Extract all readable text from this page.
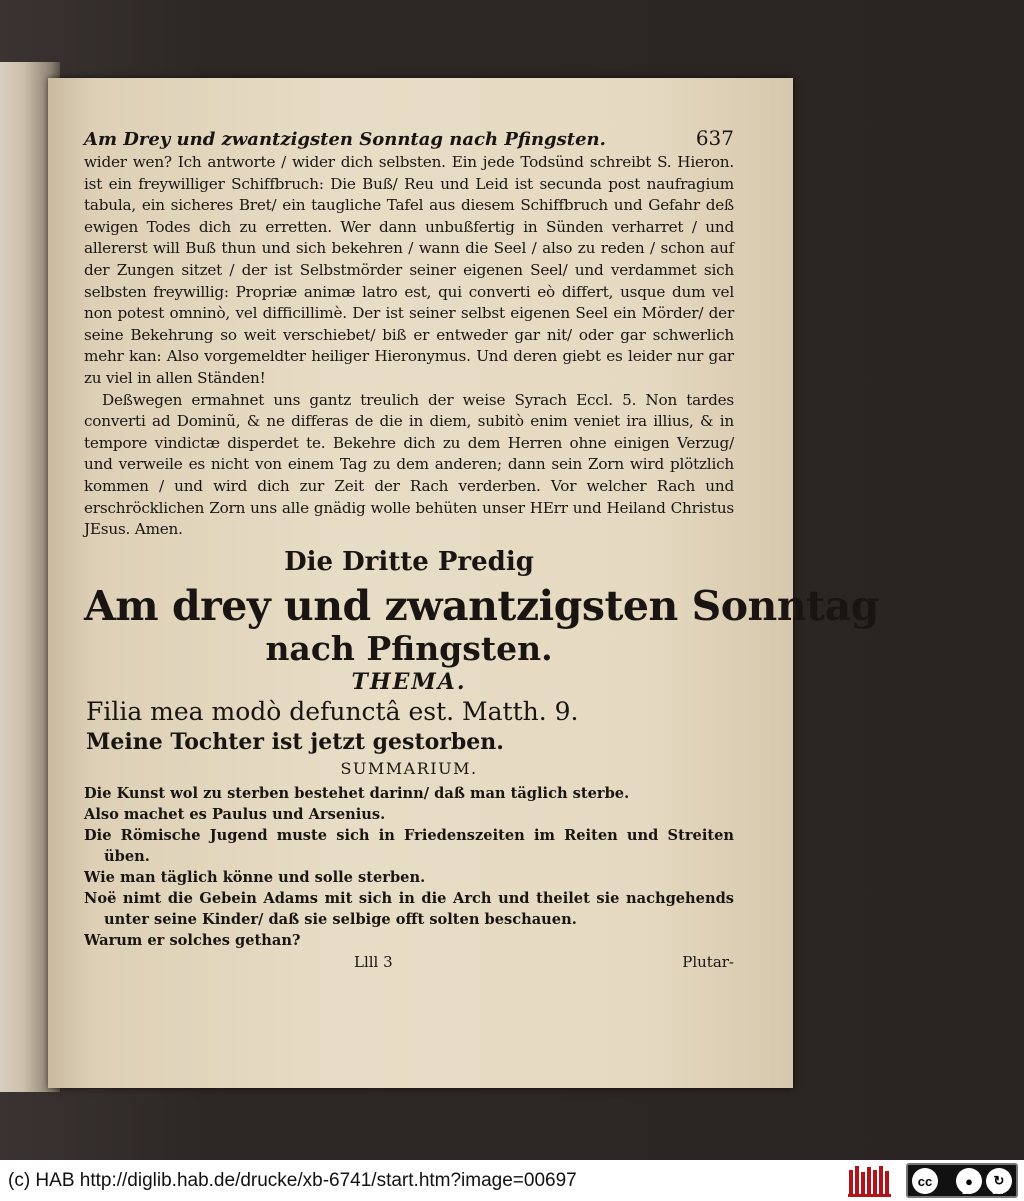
Am Drey und zwantzigsten Sonntag nach Pfingsten.	637

wider wen? Ich antworte / wider dich selbsten. Ein jede Todsünd schreibt S. Hieron. ist ein freywilliger Schiffbruch: Die Buß/ Reu und Leid ist secunda post naufragium tabula, ein sicheres Bret/ ein taugliche Tafel aus diesem Schiffbruch und Gefahr deß ewigen Todes dich zu erretten. Wer dann unbußfertig in Sünden verharret / und allererst will Buß thun und sich bekehren / wann die Seel / also zu reden / schon auf der Zungen sitzet / der ist Selbstmörder seiner eigenen Seel/ und verdammet sich selbsten freywillig: Propriæ animæ latro est, qui converti eò differt, usque dum vel non potest omninò, vel difficillimè. Der ist seiner selbst eigenen Seel ein Mörder/ der seine Bekehrung so weit verschiebet/ biß er entweder gar nit/ oder gar schwerlich mehr kan: Also vorgemeldter heiliger Hieronymus. Und deren giebt es leider nur gar zu viel in allen Ständen!

Deßwegen ermahnet uns gantz treulich der weise Syrach Eccl. 5. Non tardes converti ad Dominũ, & ne differas de die in diem, subitò enim veniet ira illius, & in tempore vindictæ disperdet te. Bekehre dich zu dem Herren ohne einigen Verzug/ und verweile es nicht von einem Tag zu dem anderen; dann sein Zorn wird plötzlich kommen / und wird dich zur Zeit der Rach verderben. Vor welcher Rach und erschröcklichen Zorn uns alle gnädig wolle behüten unser HErr und Heiland Christus JEsus. Amen.

Die Dritte Predig
Am drey und zwantzigsten Sonntag
nach Pfingsten.
THEMA.
Filia mea modò defunctâ est. Matth. 9.
Meine Tochter ist jetzt gestorben.
SUMMARIUM.
Die Kunst wol zu sterben bestehet darinn/ daß man täglich sterbe.
Also machet es Paulus und Arsenius.
Die Römische Jugend muste sich in Friedenszeiten im Reiten und Streiten üben.
Wie man täglich könne und solle sterben.
Noë nimt die Gebein Adams mit sich in die Arch und theilet sie nachgehends unter seine Kinder/ daß sie selbige offt solten beschauen.
Warum er solches gethan?
Llll 3	Plutar-
(c) HAB http://diglib.hab.de/drucke/xb-6741/start.htm?image=00697	cc	●	↻
BY SA
